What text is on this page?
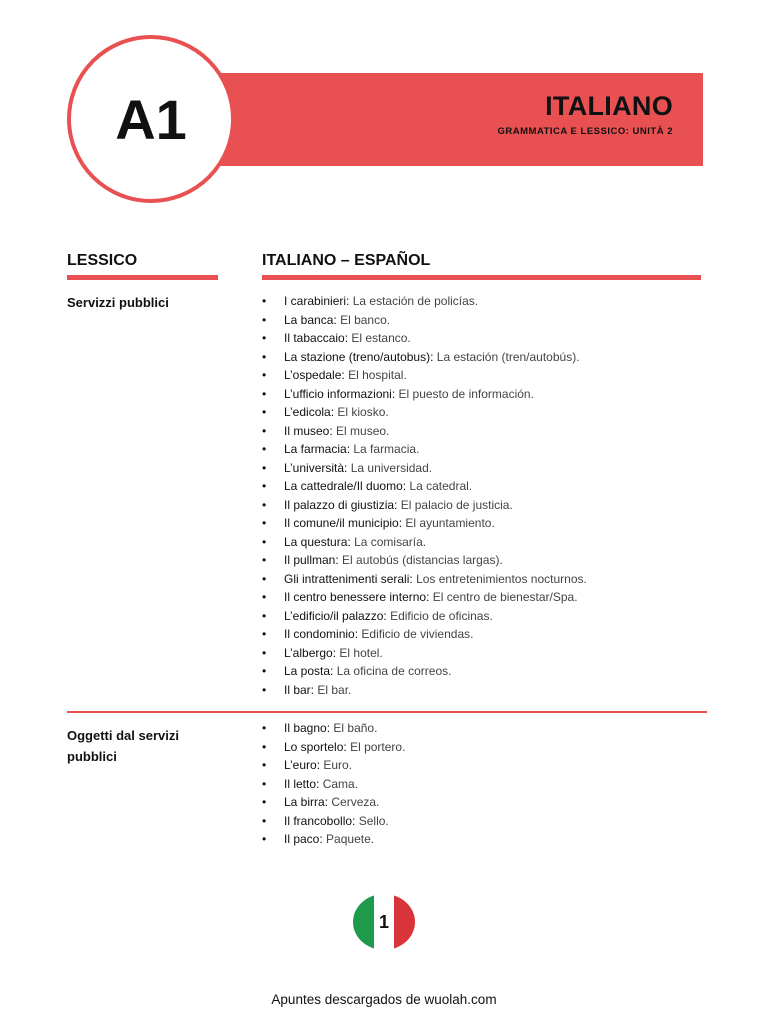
ITALIANO
GRAMMATICA E LESSICO: UNITÀ 2
A1
LESSICO	ITALIANO – ESPAÑOL
Servizzi pubblici
•	I carabinieri: La estación de policías.
• La banca: El banco.
• Il tabaccaio: El estanco.
• La stazione (treno/autobus): La estación (tren/autobús).
• L’ospedale: El hospital.
• L’ufficio informazioni: El puesto de información.
• L’edicola: El kiosko.
• Il museo: El museo.
• La farmacia: La farmacia.
• L’università: La universidad.
• La cattedrale/Il duomo: La catedral.
• Il palazzo di giustizia: El palacio de justicia.
• Il comune/il municipio: El ayuntamiento.
• La questura: La comisaría.
• Il pullman: El autobús (distancias largas).
• Gli intrattenimenti serali: Los entretenimientos nocturnos.
• Il centro benessere interno: El centro de bienestar/Spa.
• L’edificio/il palazzo: Edificio de oficinas.
• Il condominio: Edificio de viviendas.
• L’albergo: El hotel.
• La posta: La oficina de correos.
• Il bar: El bar.
Oggetti dal servizi pubblici
• Il bagno: El baño.
• Lo sportelo: El portero.
• L’euro: Euro.
• Il letto: Cama.
• La birra: Cerveza.
• Il francobollo: Sello.
• Il paco: Paquete.
1
Apuntes descargados de wuolah.com
